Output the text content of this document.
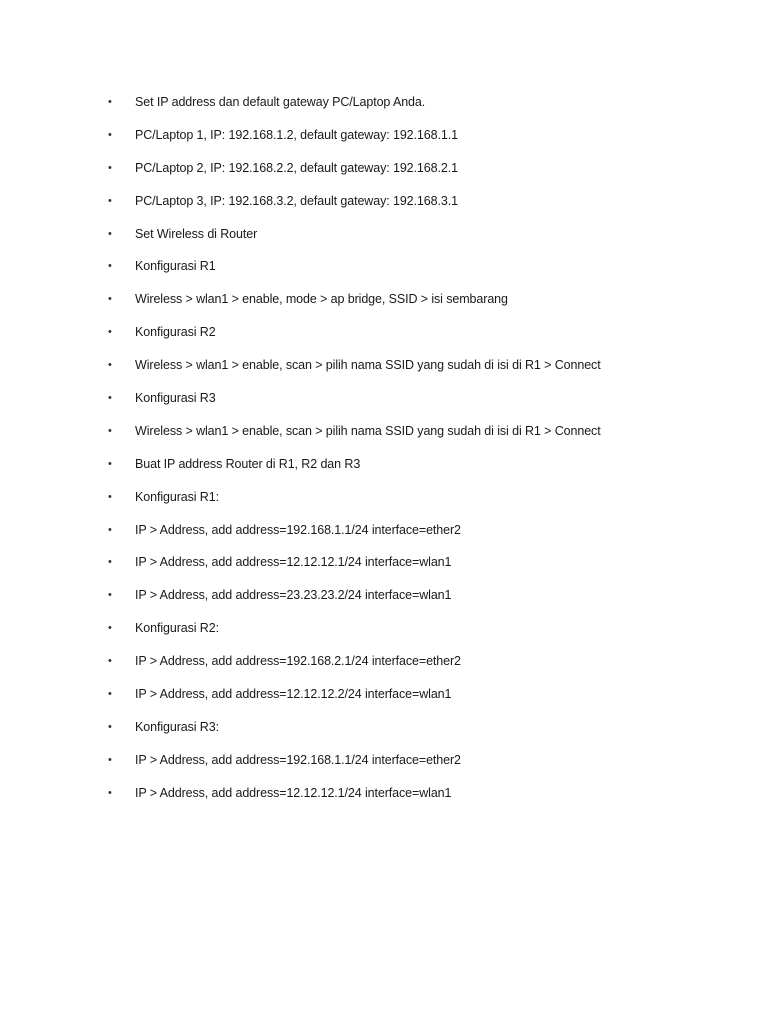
•	Set IP address dan default gateway PC/Laptop Anda.
•	PC/Laptop 1, IP: 192.168.1.2, default gateway: 192.168.1.1
•	PC/Laptop 2, IP: 192.168.2.2, default gateway: 192.168.2.1
•	PC/Laptop 3, IP: 192.168.3.2, default gateway: 192.168.3.1
•	Set Wireless di Router
•	Konfigurasi R1
•	Wireless > wlan1 > enable, mode > ap bridge, SSID > isi sembarang
•	Konfigurasi R2
•	Wireless > wlan1 > enable, scan > pilih nama SSID yang sudah di isi di R1 > Connect
•	Konfigurasi R3
•	Wireless > wlan1 > enable, scan > pilih nama SSID yang sudah di isi di R1 > Connect
•	Buat IP address Router di R1, R2 dan R3
•	Konfigurasi R1:
•	IP > Address, add address=192.168.1.1/24 interface=ether2
•	IP > Address, add address=12.12.12.1/24 interface=wlan1
•	IP > Address, add address=23.23.23.2/24 interface=wlan1
•	Konfigurasi R2:
•	IP > Address, add address=192.168.2.1/24 interface=ether2
•	IP > Address, add address=12.12.12.2/24 interface=wlan1
•	Konfigurasi R3:
•	IP > Address, add address=192.168.1.1/24 interface=ether2
•	IP > Address, add address=12.12.12.1/24 interface=wlan1
